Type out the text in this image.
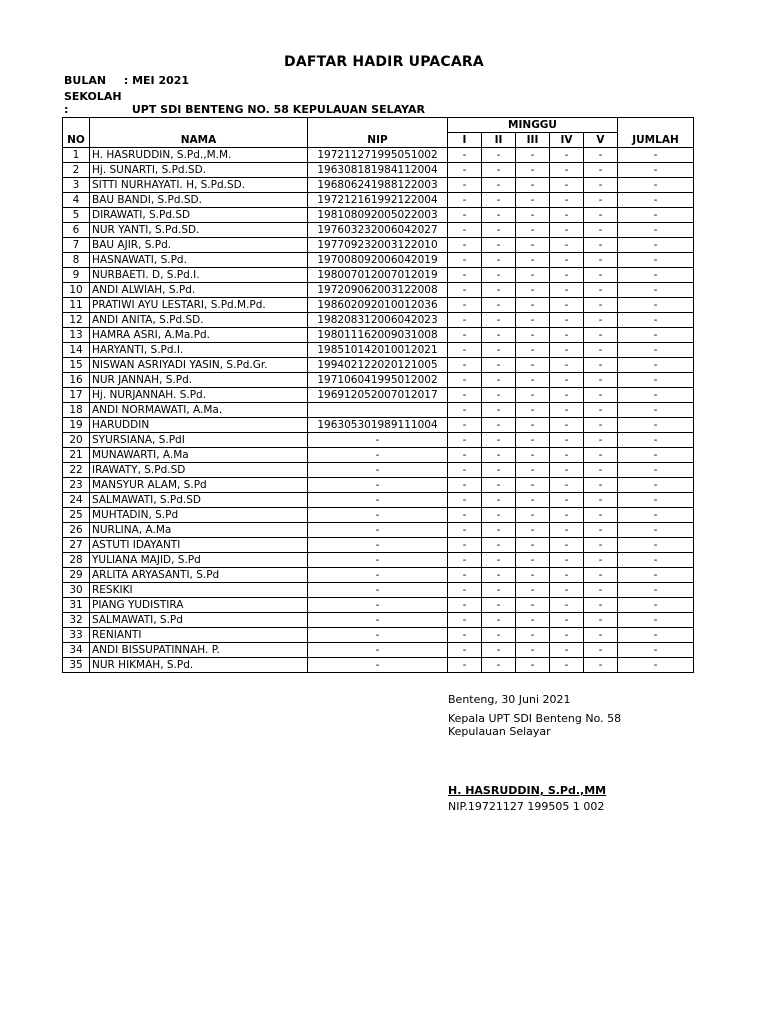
DAFTAR HADIR UPACARA
BULAN : MEI 2021
SEKOLAH :	UPT SDI BENTENG NO. 58 KEPULAUAN SELAYAR
NO	NAMA	NIP	MINGGU					JUMLAH
			I	II	III	IV	V	
1	H. HASRUDDIN, S.Pd.,M.M.	197211271995051002	-	-	-	-	-	-
2	Hj. SUNARTI, S.Pd.SD.	196308181984112004	-	-	-	-	-	-
3	SITTI NURHAYATI. H, S.Pd.SD.	196806241988122003	-	-	-	-	-	-
4	BAU BANDI, S.Pd.SD.	197212161992122004	-	-	-	-	-	-
5	DIRAWATI, S.Pd.SD	198108092005022003	-	-	-	-	-	-
6	NUR YANTI, S.Pd.SD.	197603232006042027	-	-	-	-	-	-
7	BAU AJIR, S.Pd.	197709232003122010	-	-	-	-	-	-
8	HASNAWATI, S.Pd.	197008092006042019	-	-	-	-	-	-
9	NURBAETI. D, S.Pd.I.	198007012007012019	-	-	-	-	-	-
10	ANDI ALWIAH, S.Pd.	197209062003122008	-	-	-	-	-	-
11	PRATIWI AYU LESTARI, S.Pd.M.Pd.	198602092010012036	-	-	-	-	-	-
12	ANDI ANITA, S.Pd.SD.	198208312006042023	-	-	-	-	-	-
13	HAMRA ASRI, A.Ma.Pd.	198011162009031008	-	-	-	-	-	-
14	HARYANTI, S.Pd.I.	198510142010012021	-	-	-	-	-	-
15	NISWAN ASRIYADI YASIN, S.Pd.Gr.	199402122020121005	-	-	-	-	-	-
16	NUR JANNAH, S.Pd.	197106041995012002	-	-	-	-	-	-
17	Hj. NURJANNAH. S.Pd.	196912052007012017	-	-	-	-	-	-
18	ANDI NORMAWATI, A.Ma.		-	-	-	-	-	-
19	HARUDDIN	196305301989111004	-	-	-	-	-	-
20	SYURSIANA, S.PdI	-	-	-	-	-	-	-
21	MUNAWARTI, A.Ma	-	-	-	-	-	-	-
22	IRAWATY, S.Pd.SD	-	-	-	-	-	-	-
23	MANSYUR ALAM, S.Pd	-	-	-	-	-	-	-
24	SALMAWATI, S.Pd.SD	-	-	-	-	-	-	-
25	MUHTADIN, S.Pd	-	-	-	-	-	-	-
26	NURLINA, A.Ma	-	-	-	-	-	-	-
27	ASTUTI IDAYANTI	-	-	-	-	-	-	-
28	YULIANA MAJID, S.Pd	-	-	-	-	-	-	-
29	ARLITA ARYASANTI, S.Pd	-	-	-	-	-	-	-
30	RESKIKI	-	-	-	-	-	-	-
31	PIANG YUDISTIRA	-	-	-	-	-	-	-
32	SALMAWATI, S.Pd	-	-	-	-	-	-	-
33	RENIANTI	-	-	-	-	-	-	-
34	ANDI BISSUPATINNAH. P.	-	-	-	-	-	-	-
35	NUR HIKMAH, S.Pd.	-	-	-	-	-	-	-
Benteng, 30 Juni 2021
Kepala UPT SDI Benteng No. 58
Kepulauan Selayar
H. HASRUDDIN, S.Pd.,MM
NIP.19721127 199505 1 002
